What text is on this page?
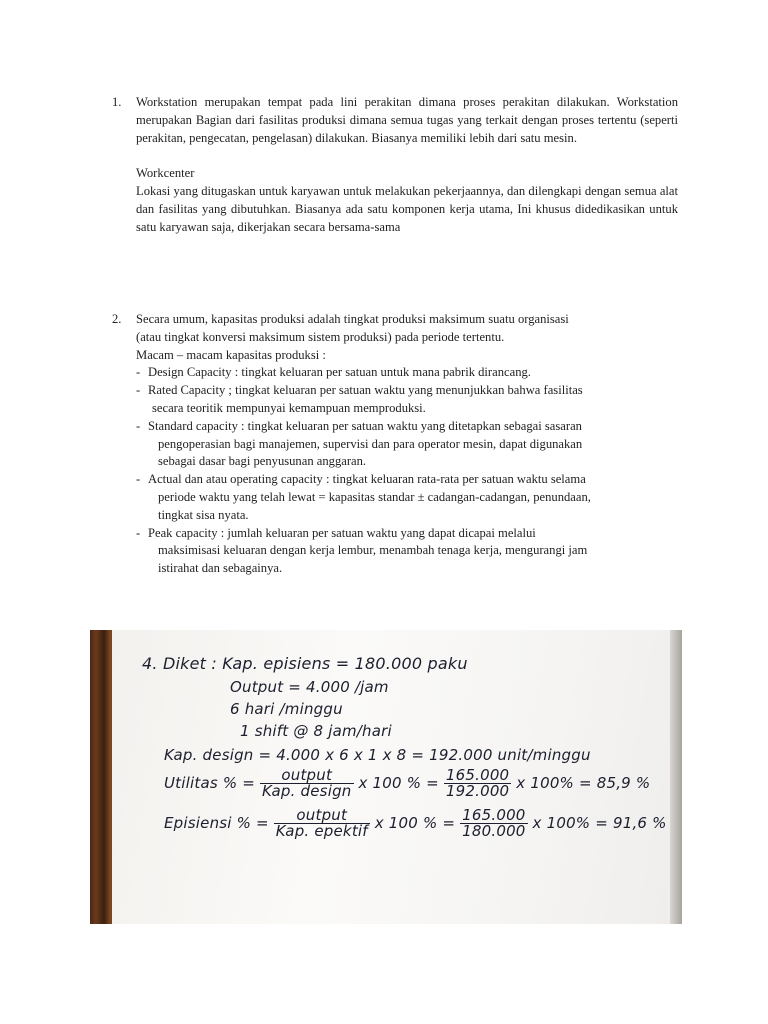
1. Workstation merupakan tempat pada lini perakitan dimana proses perakitan dilakukan. Workstation merupakan Bagian dari fasilitas produksi dimana semua tugas yang terkait dengan proses tertentu (seperti perakitan, pengecatan, pengelasan) dilakukan. Biasanya memiliki lebih dari satu mesin.
Workcenter
Lokasi yang ditugaskan untuk karyawan untuk melakukan pekerjaannya, dan dilengkapi dengan semua alat dan fasilitas yang dibutuhkan. Biasanya ada satu komponen kerja utama, Ini khusus didedikasikan untuk satu karyawan saja, dikerjakan secara bersama-sama
2. Secara umum, kapasitas produksi adalah tingkat produksi maksimum suatu organisasi
(atau tingkat konversi maksimum sistem produksi) pada periode tertentu.
Macam – macam kapasitas produksi :
- Design Capacity : tingkat keluaran per satuan untuk mana pabrik dirancang.
- Rated Capacity ; tingkat keluaran per satuan waktu yang menunjukkan bahwa fasilitas
secara teoritik mempunyai kemampuan memproduksi.
- Standard capacity : tingkat keluaran per satuan waktu yang ditetapkan sebagai sasaran
pengoperasian bagi manajemen, supervisi dan para operator mesin, dapat digunakan
sebagai dasar bagi penyusunan anggaran.
- Actual dan atau operating capacity : tingkat keluaran rata-rata per satuan waktu selama
periode waktu yang telah lewat = kapasitas standar ± cadangan-cadangan, penundaan,
tingkat sisa nyata.
- Peak capacity : jumlah keluaran per satuan waktu yang dapat dicapai melalui
maksimisasi keluaran dengan kerja lembur, menambah tenaga kerja, mengurangi jam
istirahat dan sebagainya.
4. Diket : Kap. episiens = 180.000 paku
Output = 4.000 /jam
6 hari /minggu
1 shift @ 8 jam/hari
Kap. design = 4.000 x 6 x 1 x 8 = 192.000 unit/minggu
Utilitas % = $\frac{\text{output}}{\text{Kap. design}}$ x 100 % = $\frac{165.000}{192.000}$ x 100% = 85,9 %
Episiensi % = $\frac{\text{output}}{\text{Kap. epektif}}$ x 100 % = $\frac{165.000}{180.000}$ x 100% = 91,6 %
